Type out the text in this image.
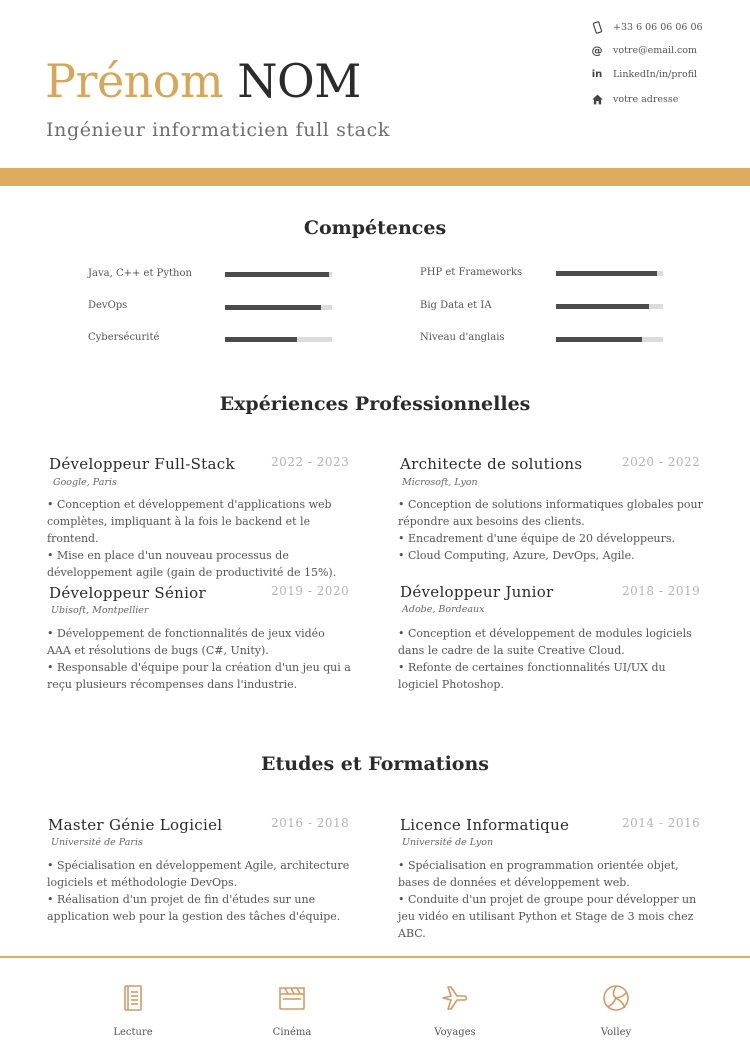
Prénom NOM
Ingénieur informaticien full stack
+33 6 06 06 06 06
@ votre@email.com
in LinkedIn/in/profil
votre adresse
Compétences
Java, C++ et Python
DevOps
Cybersécurité
PHP et Frameworks
Big Data et IA
Niveau d'anglais
Expériences Professionnelles
Développeur Full-Stack	2022 - 2023
Google, Paris
• Conception et développement d'applications web complètes, impliquant à la fois le backend et le frontend.
• Mise en place d'un nouveau processus de développement agile (gain de productivité de 15%).
Architecte de solutions	2020 - 2022
Microsoft, Lyon
• Conception de solutions informatiques globales pour répondre aux besoins des clients.
• Encadrement d'une équipe de 20 développeurs.
• Cloud Computing, Azure, DevOps, Agile.
Développeur Sénior	2019 - 2020
Ubisoft, Montpellier
• Développement de fonctionnalités de jeux vidéo AAA et résolutions de bugs (C#, Unity).
• Responsable d'équipe pour la création d'un jeu qui a reçu plusieurs récompenses dans l'industrie.
Développeur Junior	2018 - 2019
Adobe, Bordeaux
• Conception et développement de modules logiciels dans le cadre de la suite Creative Cloud.
• Refonte de certaines fonctionnalités UI/UX du logiciel Photoshop.
Etudes et Formations
Master Génie Logiciel	2016 - 2018
Université de Paris
• Spécialisation en développement Agile, architecture logiciels et méthodologie DevOps.
• Réalisation d'un projet de fin d'études sur une application web pour la gestion des tâches d'équipe.
Licence Informatique	2014 - 2016
Université de Lyon
• Spécialisation en programmation orientée objet, bases de données et développement web.
• Conduite d'un projet de groupe pour développer un jeu vidéo en utilisant Python et Stage de 3 mois chez ABC.
Lecture	Cinéma	Voyages	Volley
